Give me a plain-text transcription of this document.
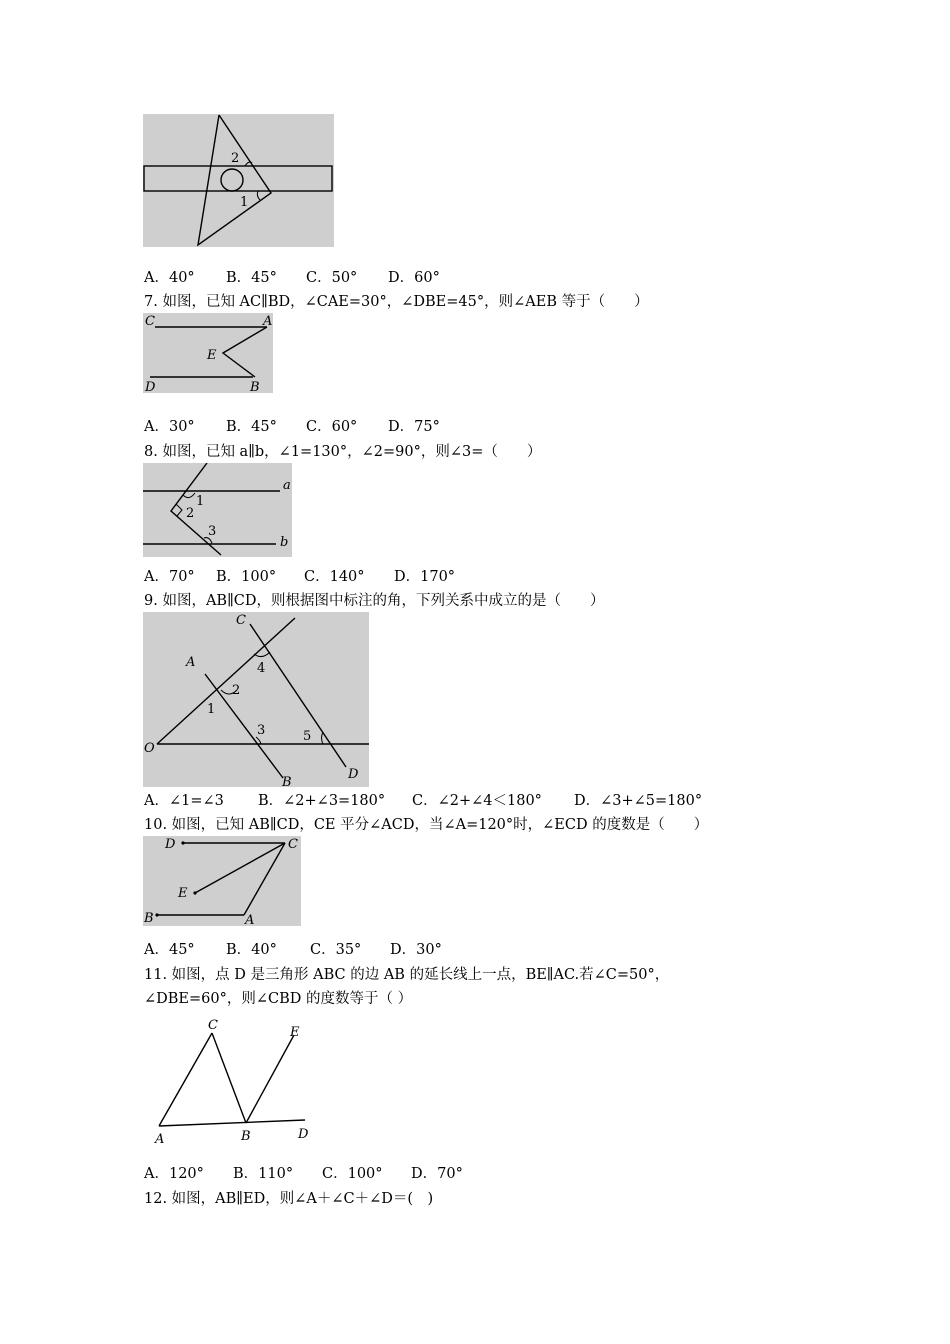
2
1
A．40° B．45° C．50° D．60°
7. 如图，已知 AC∥BD，∠CAE=30°，∠DBE=45°，则∠AEB 等于（　　）
C	A
E
D	B
A．30° B．45° C．60° D．75°
8. 如图，已知 a∥b，∠1=130°，∠2=90°，则∠3=（　　）
1
2
3
a
b
A．70° B．100° C．140° D．170°
9. 如图，AB∥CD，则根据图中标注的角，下列关系中成立的是（　　）
C
A	4
2
1
3	5
O
B
D
A．∠1=∠3 B．∠2+∠3=180° C．∠2+∠4＜180° D．∠3+∠5=180°
10. 如图，已知 AB∥CD，CE 平分∠ACD，当∠A=120°时，∠ECD 的度数是（　　）
D	C
E
B	A
A．45° B．40° C．35° D．30°
11. 如图，点 D 是三角形 ABC 的边 AB 的延长线上一点，BE∥AC.若∠C=50°，
∠DBE=60°，则∠CBD 的度数等于（ ）
C	E
A	B	D
A．120° B．110° C．100° D．70°
12. 如图，AB∥ED，则∠A＋∠C＋∠D＝(　)
